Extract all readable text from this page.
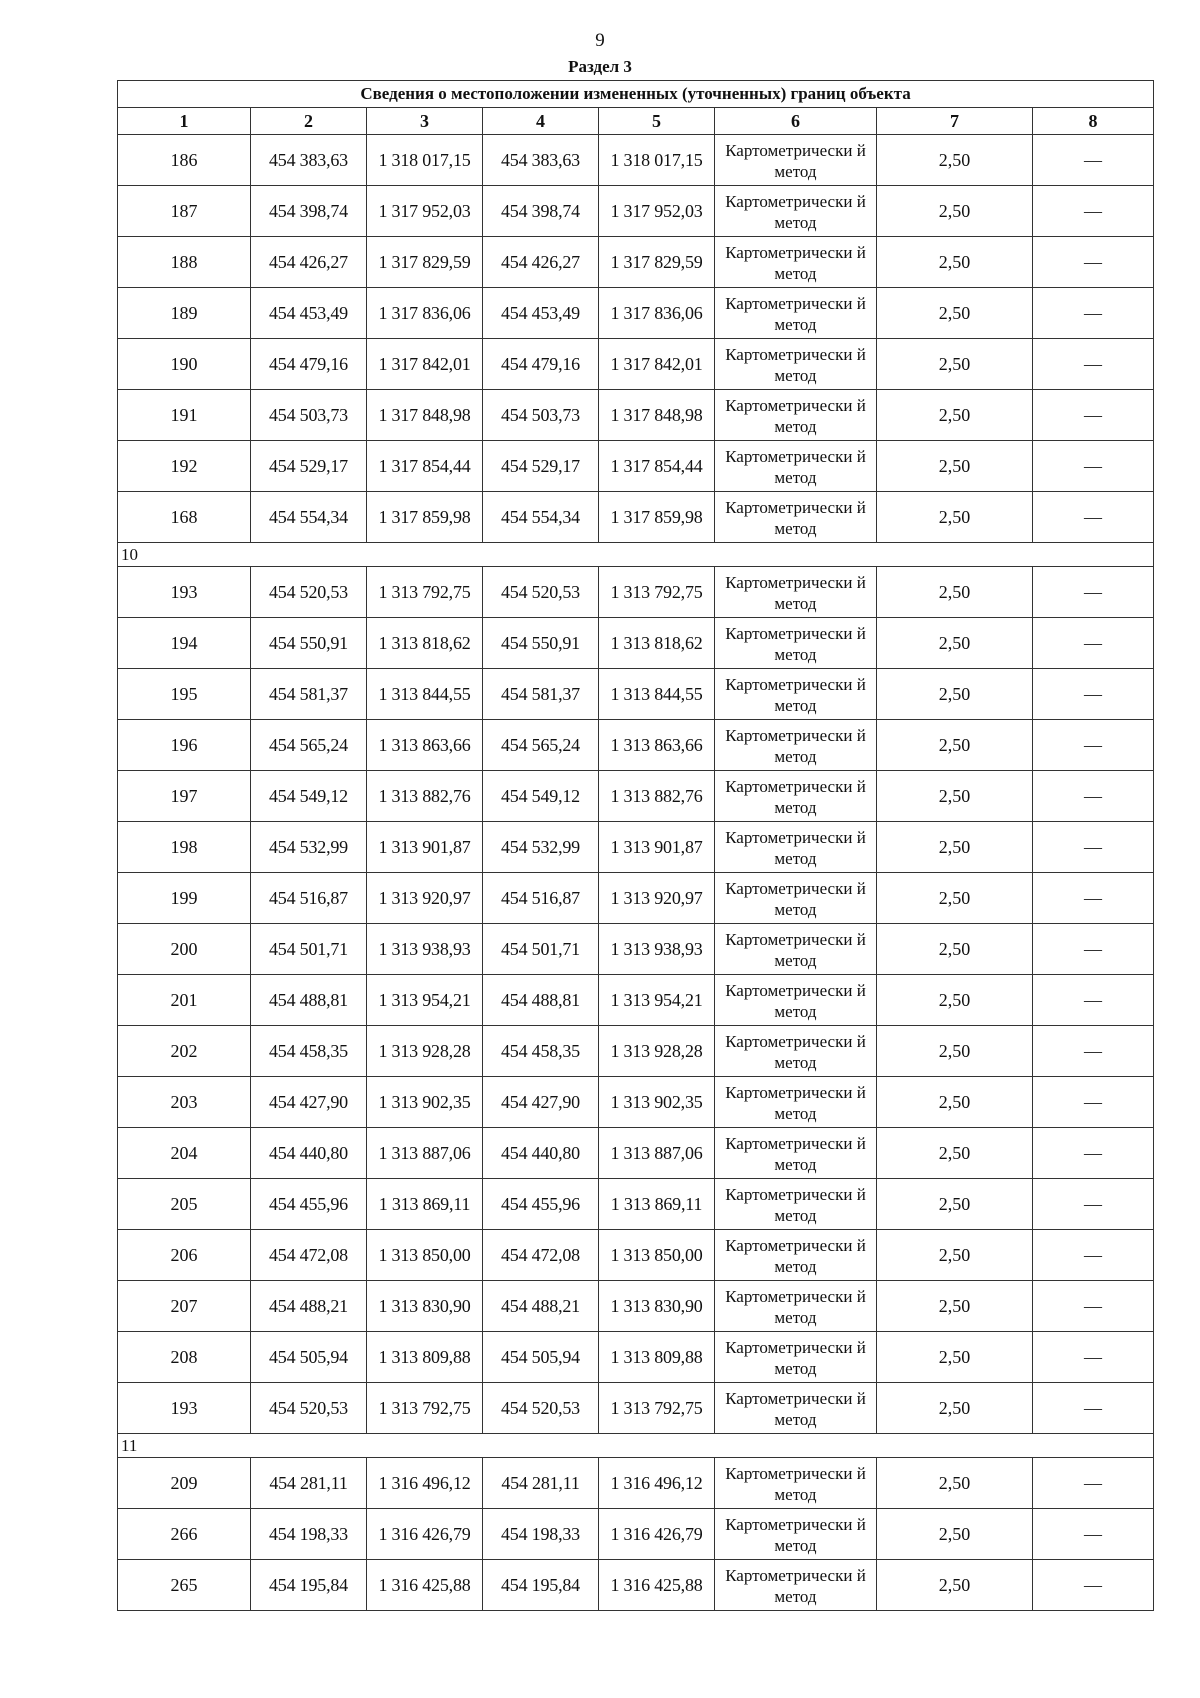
9
Раздел 3
Сведения о местоположении измененных (уточненных) границ объекта							
1	2	3	4	5	6	7	8
186	454 383,63	1 318 017,15	454 383,63	1 318 017,15	Картометрически й метод	2,50	—
187	454 398,74	1 317 952,03	454 398,74	1 317 952,03	Картометрически й метод	2,50	—
188	454 426,27	1 317 829,59	454 426,27	1 317 829,59	Картометрически й метод	2,50	—
189	454 453,49	1 317 836,06	454 453,49	1 317 836,06	Картометрически й метод	2,50	—
190	454 479,16	1 317 842,01	454 479,16	1 317 842,01	Картометрически й метод	2,50	—
191	454 503,73	1 317 848,98	454 503,73	1 317 848,98	Картометрически й метод	2,50	—
192	454 529,17	1 317 854,44	454 529,17	1 317 854,44	Картометрически й метод	2,50	—
168	454 554,34	1 317 859,98	454 554,34	1 317 859,98	Картометрически й метод	2,50	—
10							
193	454 520,53	1 313 792,75	454 520,53	1 313 792,75	Картометрически й метод	2,50	—
194	454 550,91	1 313 818,62	454 550,91	1 313 818,62	Картометрически й метод	2,50	—
195	454 581,37	1 313 844,55	454 581,37	1 313 844,55	Картометрически й метод	2,50	—
196	454 565,24	1 313 863,66	454 565,24	1 313 863,66	Картометрически й метод	2,50	—
197	454 549,12	1 313 882,76	454 549,12	1 313 882,76	Картометрически й метод	2,50	—
198	454 532,99	1 313 901,87	454 532,99	1 313 901,87	Картометрически й метод	2,50	—
199	454 516,87	1 313 920,97	454 516,87	1 313 920,97	Картометрически й метод	2,50	—
200	454 501,71	1 313 938,93	454 501,71	1 313 938,93	Картометрически й метод	2,50	—
201	454 488,81	1 313 954,21	454 488,81	1 313 954,21	Картометрически й метод	2,50	—
202	454 458,35	1 313 928,28	454 458,35	1 313 928,28	Картометрически й метод	2,50	—
203	454 427,90	1 313 902,35	454 427,90	1 313 902,35	Картометрически й метод	2,50	—
204	454 440,80	1 313 887,06	454 440,80	1 313 887,06	Картометрически й метод	2,50	—
205	454 455,96	1 313 869,11	454 455,96	1 313 869,11	Картометрически й метод	2,50	—
206	454 472,08	1 313 850,00	454 472,08	1 313 850,00	Картометрически й метод	2,50	—
207	454 488,21	1 313 830,90	454 488,21	1 313 830,90	Картометрически й метод	2,50	—
208	454 505,94	1 313 809,88	454 505,94	1 313 809,88	Картометрически й метод	2,50	—
193	454 520,53	1 313 792,75	454 520,53	1 313 792,75	Картометрически й метод	2,50	—
11							
209	454 281,11	1 316 496,12	454 281,11	1 316 496,12	Картометрически й метод	2,50	—
266	454 198,33	1 316 426,79	454 198,33	1 316 426,79	Картометрически й метод	2,50	—
265	454 195,84	1 316 425,88	454 195,84	1 316 425,88	Картометрически й метод	2,50	—
